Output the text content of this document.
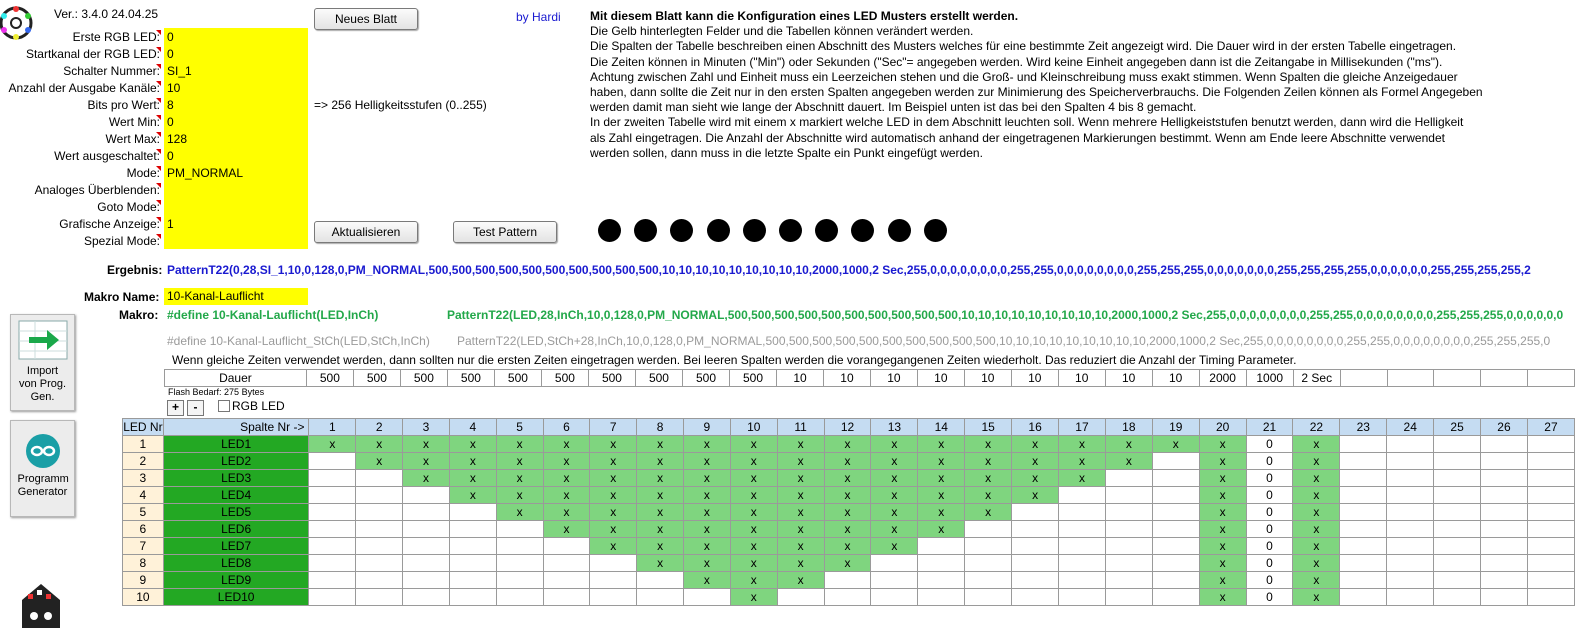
Ver.: 3.4.0 24.04.25
Erste RGB LED: 0
Startkanal der RGB LED: 0
Schalter Nummer: SI_1
Anzahl der Ausgabe Kanäle: 10
Bits pro Wert: 8
Wert Min: 0
Wert Max: 128
Wert ausgeschaltet: 0
Mode: PM_NORMAL
Analoges Überblenden:
Goto Mode:
Grafische Anzeige: 1
Spezial Mode:
Neues Blatt	by Hardi
=> 256 Helligkeitsstufen (0..255)
Mit diesem Blatt kann die Konfiguration eines LED Musters erstellt werden.
Die Gelb hinterlegten Felder und die Tabellen können verändert werden.
Die Spalten der Tabelle beschreiben einen Abschnitt des Musters welches für eine bestimmte Zeit angezeigt wird. Die Dauer wird in der ersten Tabelle eingetragen.
Die Zeiten können in Minuten ("Min") oder Sekunden ("Sec"= angegeben werden. Wird keine Einheit angegeben dann ist die Zeitangabe in Millisekunden ("ms").
Achtung zwischen Zahl und Einheit muss ein Leerzeichen stehen und die Groß- und Kleinschreibung muss exakt stimmen. Wenn Spalten die gleiche Anzeigedauer
haben, dann sollte die Zeit nur in den ersten Spalten angegeben werden zur Minimierung des Speicherverbrauchs. Die Folgenden Zeilen können als Formel Angegeben
werden damit man sieht wie lange der Abschnitt dauert. Im Beispiel unten ist das bei den Spalten 4 bis 8 gemacht.
In der zweiten Tabelle wird mit einem x markiert welche LED in dem Abschnitt leuchten soll. Wenn mehrere Helligkeiststufen benutzt werden, dann wird die Helligkeit
als Zahl eingetragen. Die Anzahl der Abschnitte wird automatisch anhand der eingetragenen Markierungen bestimmt. Wenn am Ende leere Abschnitte verwendet
werden sollen, dann muss in die letzte Spalte ein Punkt eingefügt werden.
Aktualisieren	Test Pattern
Ergebnis: PatternT22(0,28,SI_1,10,0,128,0,PM_NORMAL,500,500,500,500,500,500,500,500,500,500,10,10,10,10,10,10,10,10,10,2000,1000,2 Sec,255,0,0,0,0,0,0,0,0,255,255,0,0,0,0,0,0,0,0,255,255,255,0,0,0,0,0,0,0,255,255,255,255,0,0,0,0,0,0,255,255,255,255,2
Makro Name: 10-Kanal-Lauflicht
Makro: #define 10-Kanal-Lauflicht(LED,InCh)	PatternT22(LED,28,InCh,10,0,128,0,PM_NORMAL,500,500,500,500,500,500,500,500,500,500,10,10,10,10,10,10,10,10,10,2000,1000,2 Sec,255,0,0,0,0,0,0,0,0,255,255,0,0,0,0,0,0,0,0,255,255,255,0,0,0,0,0,0
#define 10-Kanal-Lauflicht_StCh(LED,StCh,InCh) PatternT22(LED,StCh+28,InCh,10,0,128,0,PM_NORMAL,500,500,500,500,500,500,500,500,500,500,10,10,10,10,10,10,10,10,10,2000,1000,2 Sec,255,0,0,0,0,0,0,0,0,255,255,0,0,0,0,0,0,0,0,255,255,255,0
Wenn gleiche Zeiten verwendet werden, dann sollten nur die ersten Zeiten eingetragen werden. Bei leeren Spalten werden die vorangegangenen Zeiten wiederholt. Das reduziert die Anzahl der Timing Parameter.
Import von Prog. Gen.
Programm Generator
Dauer	500	500	500	500	500	500	500	500	500	500	10	10	10	10	10	10	10	10	10	2000	1000	2 Sec					
Flash Bedarf: 275 Bytes
+	-	RGB LED
LED Nr	Spalte Nr ->	1	2	3	4	5	6	7	8	9	10	11	12	13	14	15	16	17	18	19	20	21	22	23	24	25	26	27
1	LED1	x	x	x	x	x	x	x	x	x	x	x	x	x	x	x	x	x	x	x	x	0	x					
2	LED2		x	x	x	x	x	x	x	x	x	x	x	x	x	x	x	x	x		x	0	x					
3	LED3			x	x	x	x	x	x	x	x	x	x	x	x	x	x	x			x	0	x					
4	LED4				x	x	x	x	x	x	x	x	x	x	x	x	x				x	0	x					
5	LED5					x	x	x	x	x	x	x	x	x	x	x					x	0	x					
6	LED6						x	x	x	x	x	x	x	x	x						x	0	x					
7	LED7							x	x	x	x	x	x	x							x	0	x					
8	LED8								x	x	x	x	x								x	0	x					
9	LED9									x	x	x									x	0	x					
10	LED10										x										x	0	x					
